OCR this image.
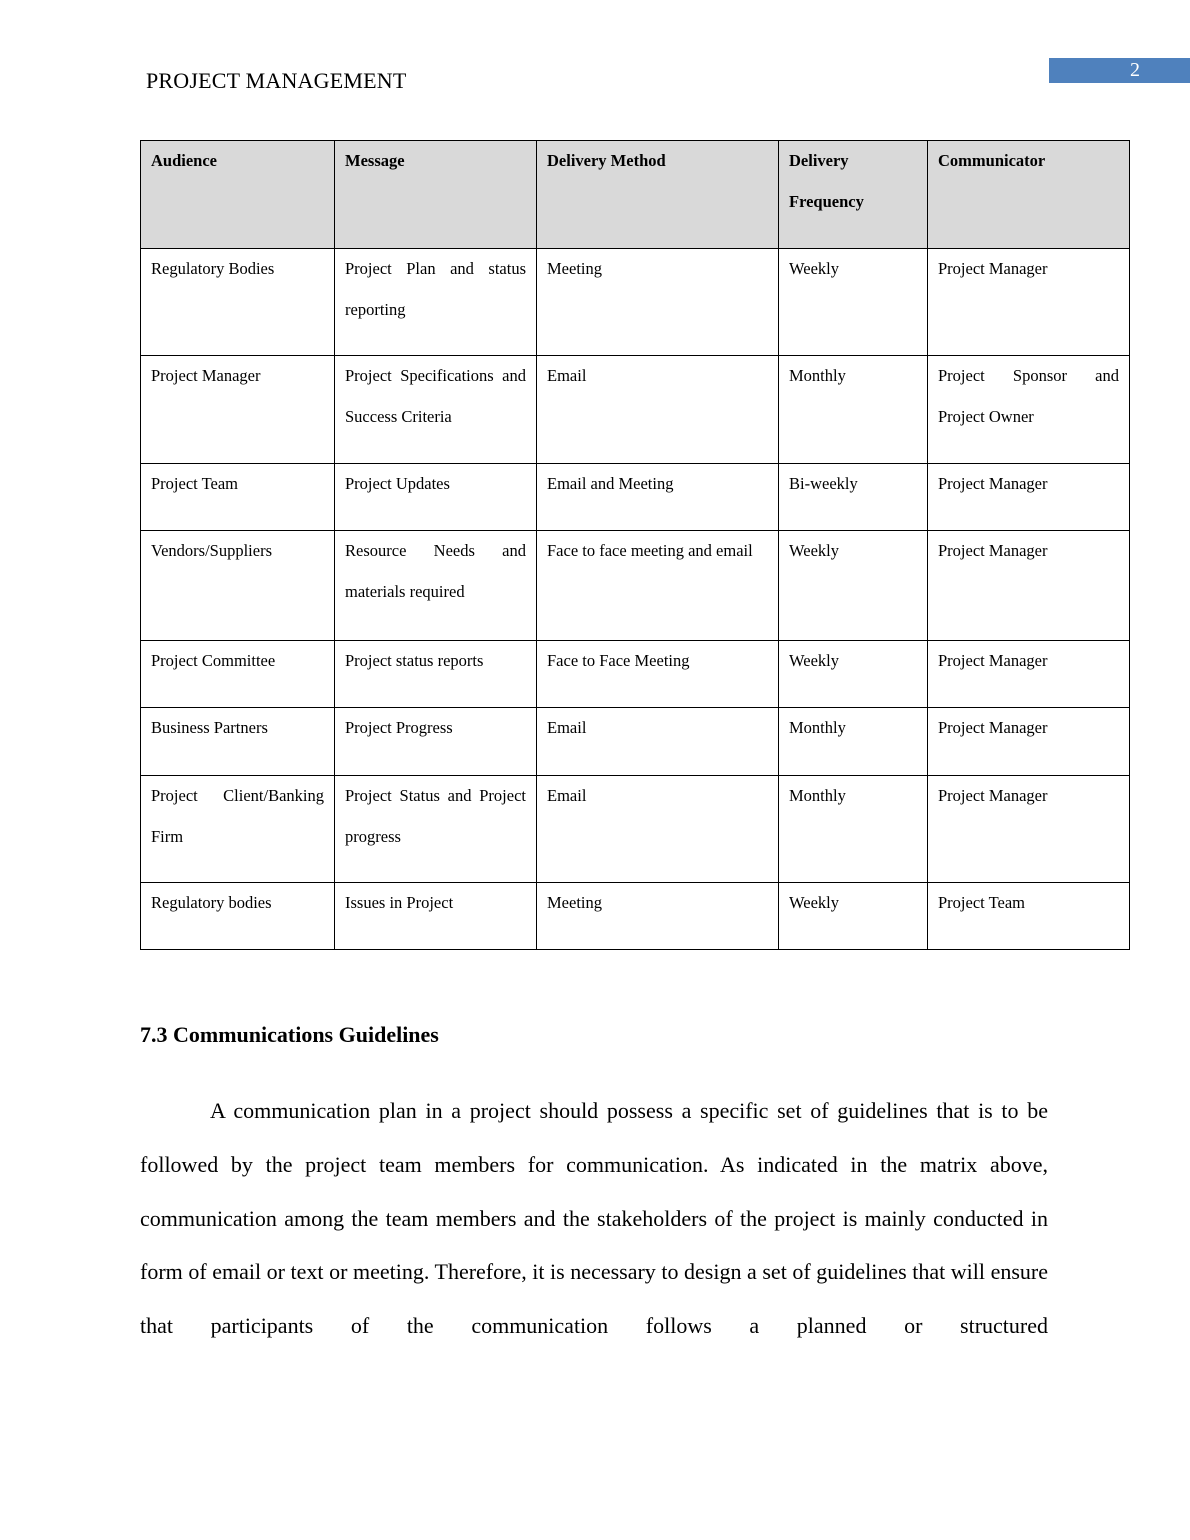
2
PROJECT MANAGEMENT
Audience	Message	Delivery Method	Delivery Frequency	Communicator
Regulatory Bodies	Project Plan and status reporting	Meeting	Weekly	Project Manager
Project Manager	Project Specifications and Success Criteria	Email	Monthly	Project Sponsor and Project Owner
Project Team	Project Updates	Email and Meeting	Bi-weekly	Project Manager
Vendors/Suppliers	Resource Needs and materials required	Face to face meeting and email	Weekly	Project Manager
Project Committee	Project status reports	Face to Face Meeting	Weekly	Project Manager
Business Partners	Project Progress	Email	Monthly	Project Manager
Project Client/Banking Firm	Project Status and Project progress	Email	Monthly	Project Manager
Regulatory bodies	Issues in Project	Meeting	Weekly	Project Team
7.3 Communications Guidelines

A communication plan in a project should possess a specific set of guidelines that is to be followed by the project team members for communication. As indicated in the matrix above, communication among the team members and the stakeholders of the project is mainly conducted in form of email or text or meeting. Therefore, it is necessary to design a set of guidelines that will ensure that participants of the communication follows a planned or structured
